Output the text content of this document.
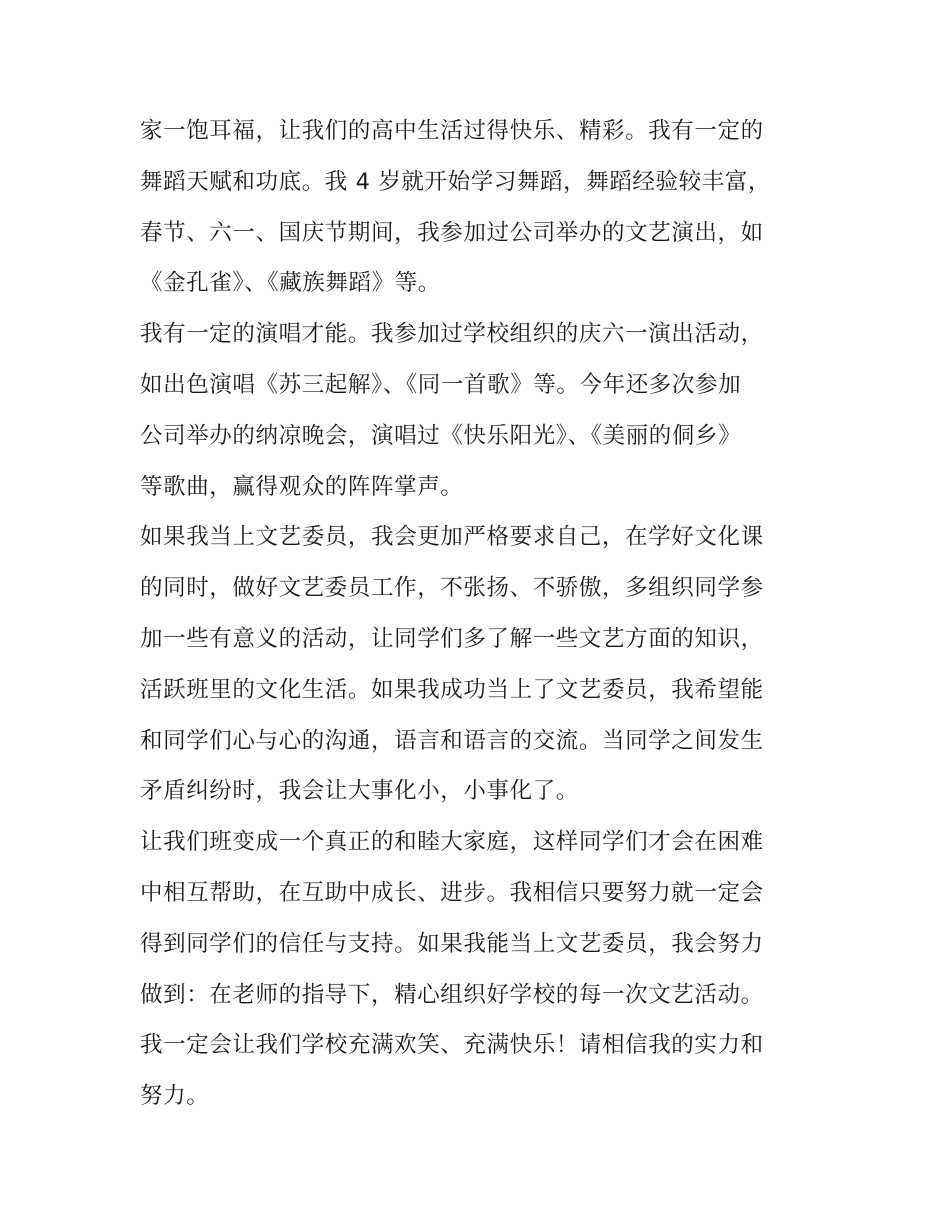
家一饱耳福，让我们的高中生活过得快乐、精彩。我有一定的
舞蹈天赋和功底。我 4 岁就开始学习舞蹈，舞蹈经验较丰富，
春节、六一、国庆节期间，我参加过公司举办的文艺演出，如
《金孔雀》、《藏族舞蹈》等。
我有一定的演唱才能。我参加过学校组织的庆六一演出活动，
如出色演唱《苏三起解》、《同一首歌》等。今年还多次参加
公司举办的纳凉晚会，演唱过《快乐阳光》、《美丽的侗乡》
等歌曲，赢得观众的阵阵掌声。
如果我当上文艺委员，我会更加严格要求自己，在学好文化课
的同时，做好文艺委员工作，不张扬、不骄傲，多组织同学参
加一些有意义的活动，让同学们多了解一些文艺方面的知识，
活跃班里的文化生活。如果我成功当上了文艺委员，我希望能
和同学们心与心的沟通，语言和语言的交流。当同学之间发生
矛盾纠纷时，我会让大事化小，小事化了。
让我们班变成一个真正的和睦大家庭，这样同学们才会在困难
中相互帮助，在互助中成长、进步。我相信只要努力就一定会
得到同学们的信任与支持。如果我能当上文艺委员，我会努力
做到：在老师的指导下，精心组织好学校的每一次文艺活动。
我一定会让我们学校充满欢笑、充满快乐！请相信我的实力和
努力。
